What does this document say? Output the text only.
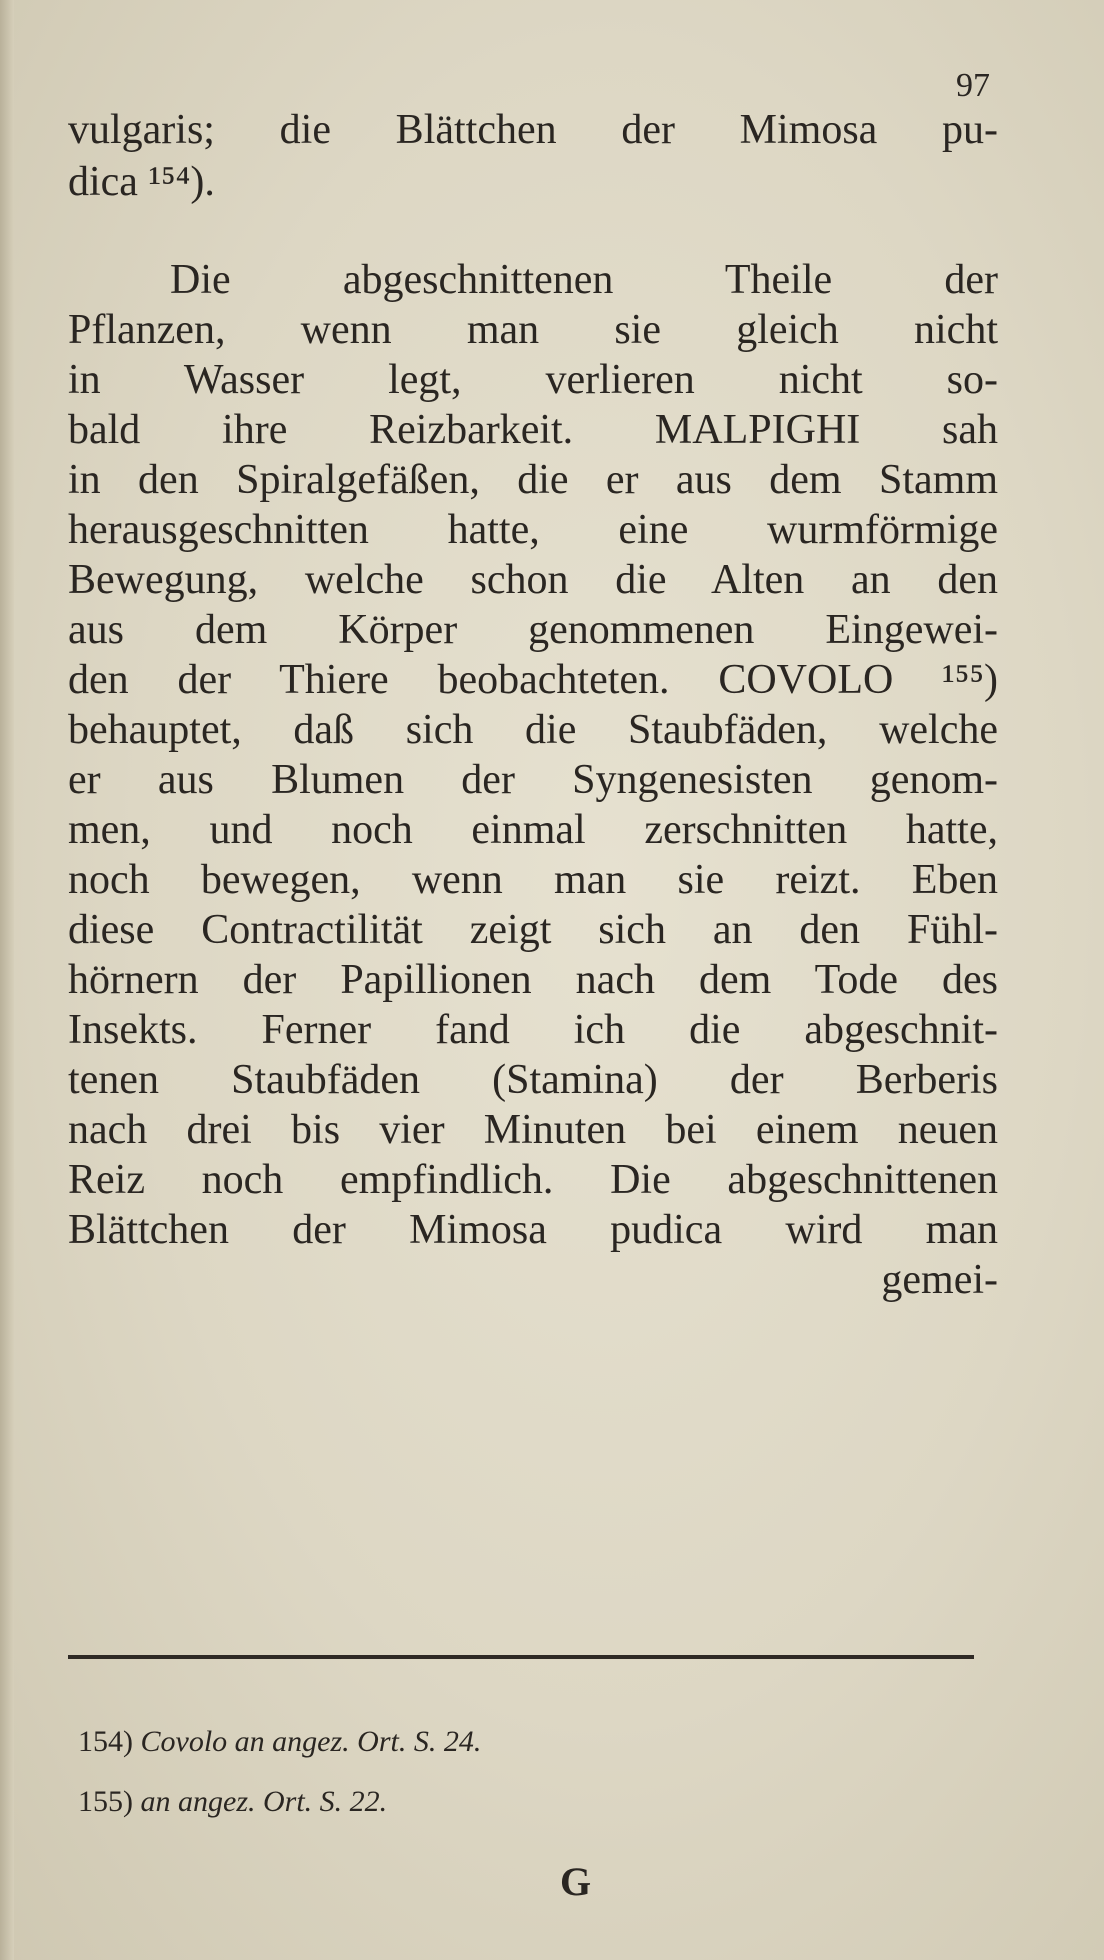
97
vulgaris; die Blättchen der Mimosa pu-
dica ¹⁵⁴).
Die abgeschnittenen Theile der
Pflanzen, wenn man sie gleich nicht
in Wasser legt, verlieren nicht so-
bald ihre Reizbarkeit. MALPIGHI sah
in den Spiralgefäßen, die er aus dem Stamm
herausgeschnitten hatte, eine wurmförmige
Bewegung, welche schon die Alten an den
aus dem Körper genommenen Eingewei-
den der Thiere beobachteten. COVOLO ¹⁵⁵)
behauptet, daß sich die Staubfäden, welche
er aus Blumen der Syngenesisten genom-
men, und noch einmal zerschnitten hatte,
noch bewegen, wenn man sie reizt. Eben
diese Contractilität zeigt sich an den Fühl-
hörnern der Papillionen nach dem Tode des
Insekts. Ferner fand ich die abgeschnit-
tenen Staubfäden (Stamina) der Berberis
nach drei bis vier Minuten bei einem neuen
Reiz noch empfindlich. Die abgeschnittenen
Blättchen der Mimosa pudica wird man
gemei-
154) Covolo an angez. Ort. S. 24.
155) an angez. Ort. S. 22.
G
